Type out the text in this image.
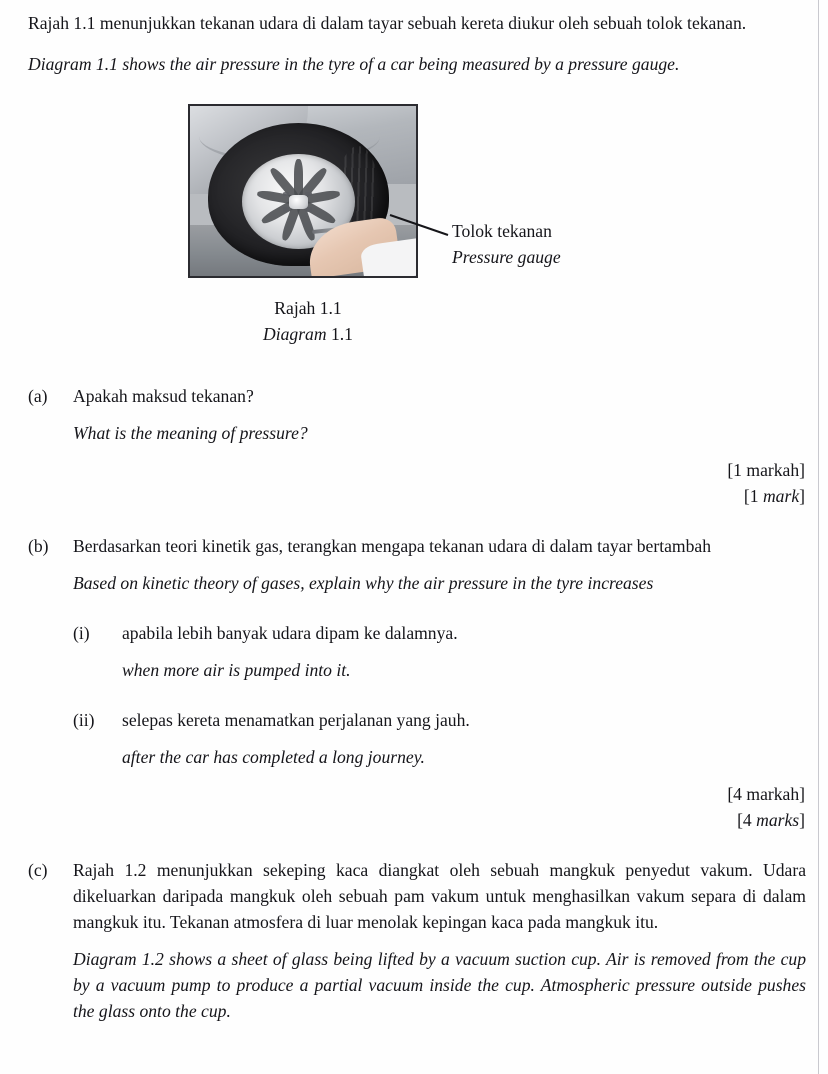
Rajah 1.1 menunjukkan tekanan udara di dalam tayar sebuah kereta diukur oleh sebuah tolok tekanan.

Diagram 1.1 shows the air pressure in the tyre of a car being measured by a pressure gauge.

Tolok tekanan
Pressure gauge
Rajah 1.1
Diagram 1.1
(a) Apakah maksud tekanan?

What is the meaning of pressure?

[1 markah]
[1 mark]
(b) Berdasarkan teori kinetik gas, terangkan mengapa tekanan udara di dalam tayar bertambah

Based on kinetic theory of gases, explain why the air pressure in the tyre increases

(i) apabila lebih banyak udara dipam ke dalamnya.

when more air is pumped into it.

(ii) selepas kereta menamatkan perjalanan yang jauh.

after the car has completed a long journey.

[4 markah]
[4 marks]
(c) Rajah 1.2 menunjukkan sekeping kaca diangkat oleh sebuah mangkuk penyedut vakum. Udara dikeluarkan daripada mangkuk oleh sebuah pam vakum untuk menghasilkan vakum separa di dalam mangkuk itu. Tekanan atmosfera di luar menolak kepingan kaca pada mangkuk itu.

Diagram 1.2 shows a sheet of glass being lifted by a vacuum suction cup. Air is removed from the cup by a vacuum pump to produce a partial vacuum inside the cup. Atmospheric pressure outside pushes the glass onto the cup.
